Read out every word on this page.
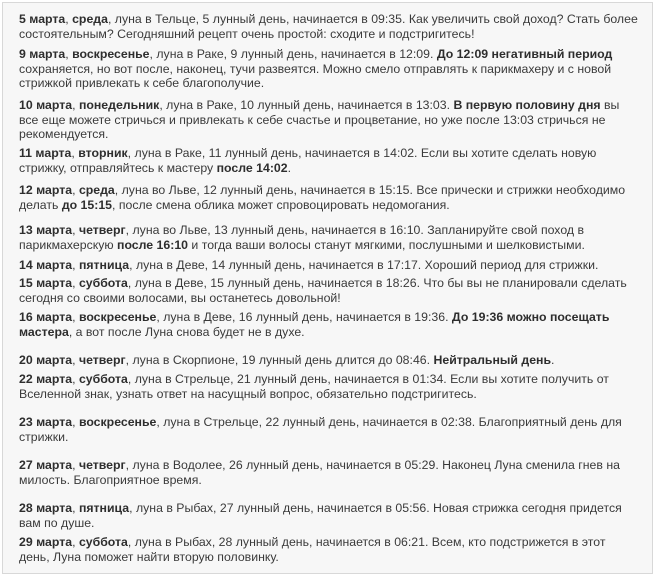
5 марта, среда, луна в Тельце, 5 лунный день, начинается в 09:35. Как увеличить свой доход? Стать более состоятельным? Сегодняшний рецепт очень простой: сходите и подстригитесь!
9 марта, воскресенье, луна в Раке, 9 лунный день, начинается в 12:09. До 12:09 негативный период сохраняется, но вот после, наконец, тучи развеятся. Можно смело отправлять к парикмахеру и с новой стрижкой привлекать к себе благополучие.
10 марта, понедельник, луна в Раке, 10 лунный день, начинается в 13:03. В первую половину дня вы все еще можете стричься и привлекать к себе счастье и процветание, но уже после 13:03 стричься не рекомендуется.
11 марта, вторник, луна в Раке, 11 лунный день, начинается в 14:02. Если вы хотите сделать новую стрижку, отправляйтесь к мастеру после 14:02.
12 марта, среда, луна во Льве, 12 лунный день, начинается в 15:15. Все прически и стрижки необходимо делать до 15:15, после смена облика может спровоцировать недомогания.
13 марта, четверг, луна во Льве, 13 лунный день, начинается в 16:10. Запланируйте свой поход в парикмахерскую после 16:10 и тогда ваши волосы станут мягкими, послушными и шелковистыми.
14 марта, пятница, луна в Деве, 14 лунный день, начинается в 17:17. Хороший период для стрижки.
15 марта, суббота, луна в Деве, 15 лунный день, начинается в 18:26. Что бы вы не планировали сделать сегодня со своими волосами, вы останетесь довольной!
16 марта, воскресенье, луна в Деве, 16 лунный день, начинается в 19:36. До 19:36 можно посещать мастера, а вот после Луна снова будет не в духе.
20 марта, четверг, луна в Скорпионе, 19 лунный день длится до 08:46. Нейтральный день.
22 марта, суббота, луна в Стрельце, 21 лунный день, начинается в 01:34. Если вы хотите получить от Вселенной знак, узнать ответ на насущный вопрос, обязательно подстригитесь.
23 марта, воскресенье, луна в Стрельце, 22 лунный день, начинается в 02:38. Благоприятный день для стрижки.
27 марта, четверг, луна в Водолее, 26 лунный день, начинается в 05:29. Наконец Луна сменила гнев на милость. Благоприятное время.
28 марта, пятница, луна в Рыбах, 27 лунный день, начинается в 05:56. Новая стрижка сегодня придется вам по душе.
29 марта, суббота, луна в Рыбах, 28 лунный день, начинается в 06:21. Всем, кто подстрижется в этот день, Луна поможет найти вторую половинку.
